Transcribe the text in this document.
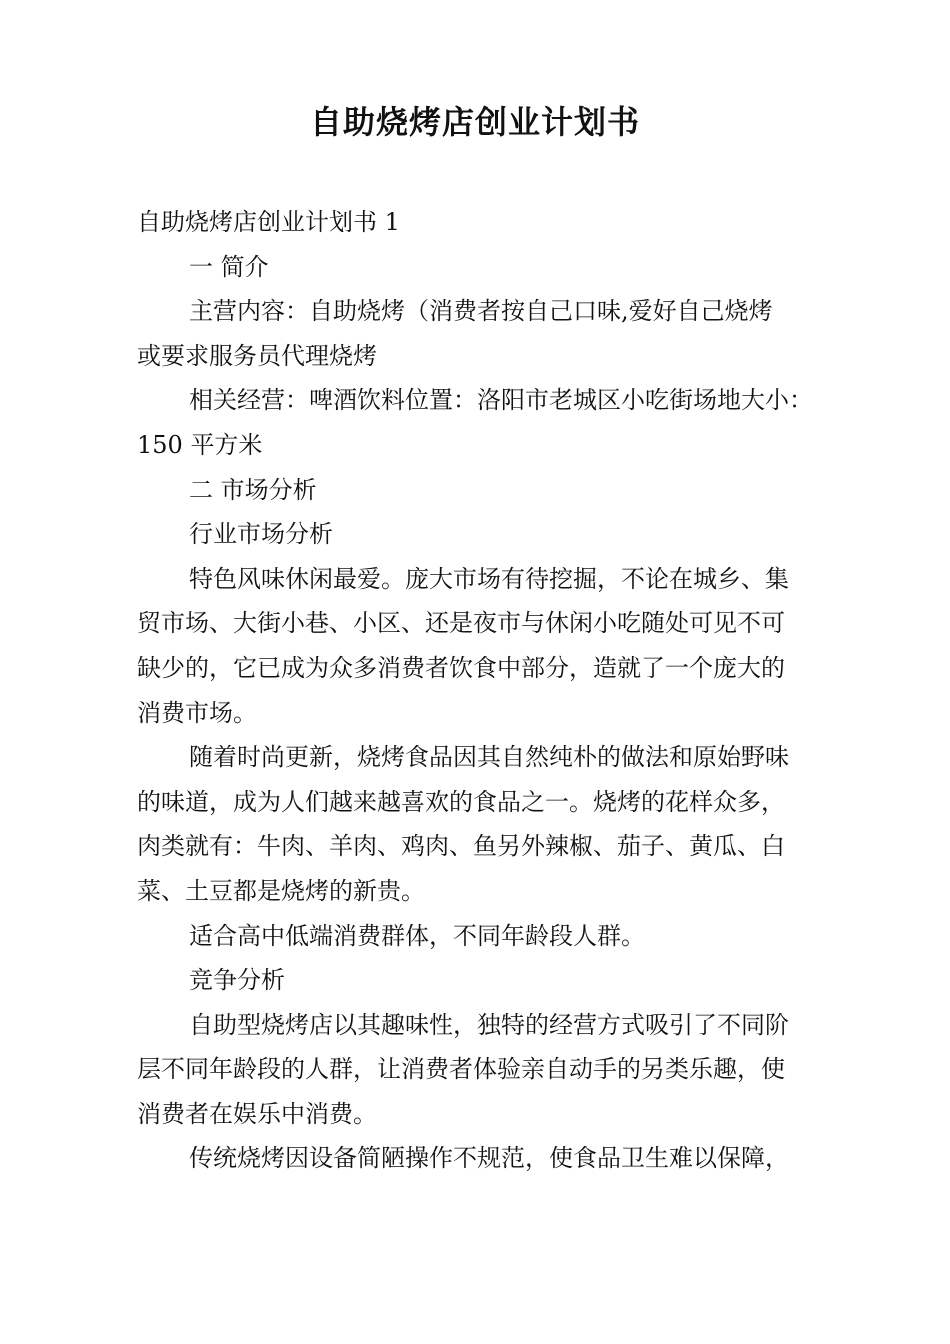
自助烧烤店创业计划书
自助烧烤店创业计划书 1
一 简介
主营内容：自助烧烤（消费者按自己口味,爱好自己烧烤
或要求服务员代理烧烤
相关经营：啤酒饮料位置：洛阳市老城区小吃街场地大小：
150 平方米
二 市场分析
行业市场分析
特色风味休闲最爱。庞大市场有待挖掘，不论在城乡、集
贸市场、大街小巷、小区、还是夜市与休闲小吃随处可见不可
缺少的，它已成为众多消费者饮食中部分，造就了一个庞大的
消费市场。
随着时尚更新，烧烤食品因其自然纯朴的做法和原始野味
的味道，成为人们越来越喜欢的食品之一。烧烤的花样众多，
肉类就有：牛肉、羊肉、鸡肉、鱼另外辣椒、茄子、黄瓜、白
菜、土豆都是烧烤的新贵。
适合高中低端消费群体，不同年龄段人群。
竞争分析
自助型烧烤店以其趣味性，独特的经营方式吸引了不同阶
层不同年龄段的人群，让消费者体验亲自动手的另类乐趣，使
消费者在娱乐中消费。
传统烧烤因设备简陋操作不规范，使食品卫生难以保障，
